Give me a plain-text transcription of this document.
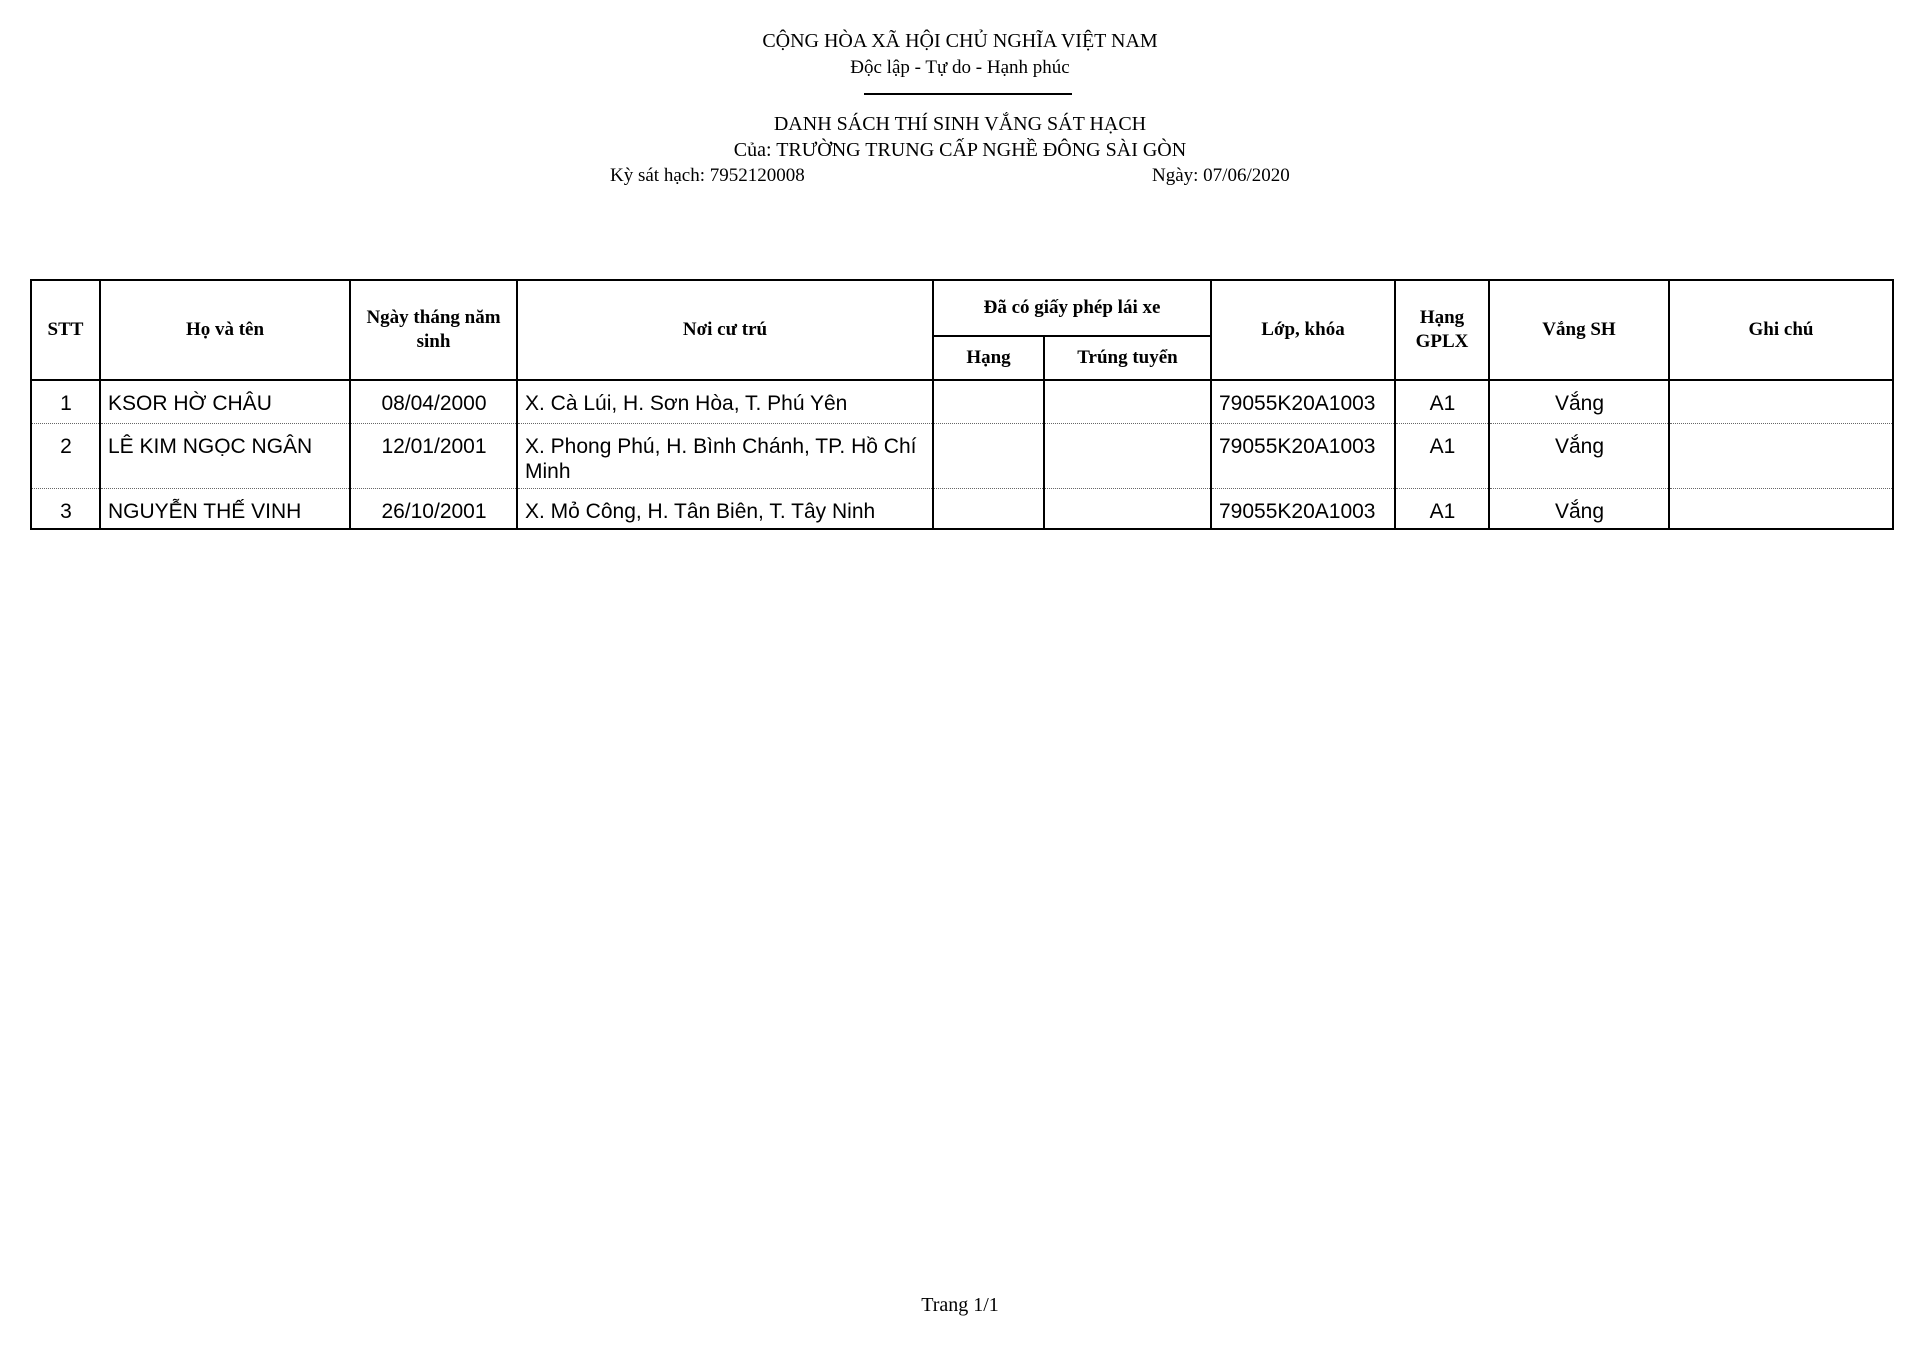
CỘNG HÒA XÃ HỘI CHỦ NGHĨA VIỆT NAM
Độc lập - Tự do - Hạnh phúc
DANH SÁCH THÍ SINH VẮNG SÁT HẠCH
Của: TRƯỜNG TRUNG CẤP NGHỀ ĐÔNG SÀI GÒN
Kỳ sát hạch: 7952120008	Ngày: 07/06/2020
STT	Họ và tên	Ngày tháng năm sinh	Nơi cư trú	Đã có giấy phép lái xe		Lớp, khóa	Hạng GPLX	Vắng SH	Ghi chú
				Hạng	Trúng tuyển				
1	KSOR HỜ CHÂU	08/04/2000	X. Cà Lúi, H. Sơn Hòa, T. Phú Yên			79055K20A1003	A1	Vắng	
2	LÊ KIM NGỌC NGÂN	12/01/2001	X. Phong Phú, H. Bình Chánh, TP. Hồ Chí Minh			79055K20A1003	A1	Vắng	
3	NGUYỄN THẾ VINH	26/10/2001	X. Mỏ Công, H. Tân Biên, T. Tây Ninh			79055K20A1003	A1	Vắng	
Trang 1/1
